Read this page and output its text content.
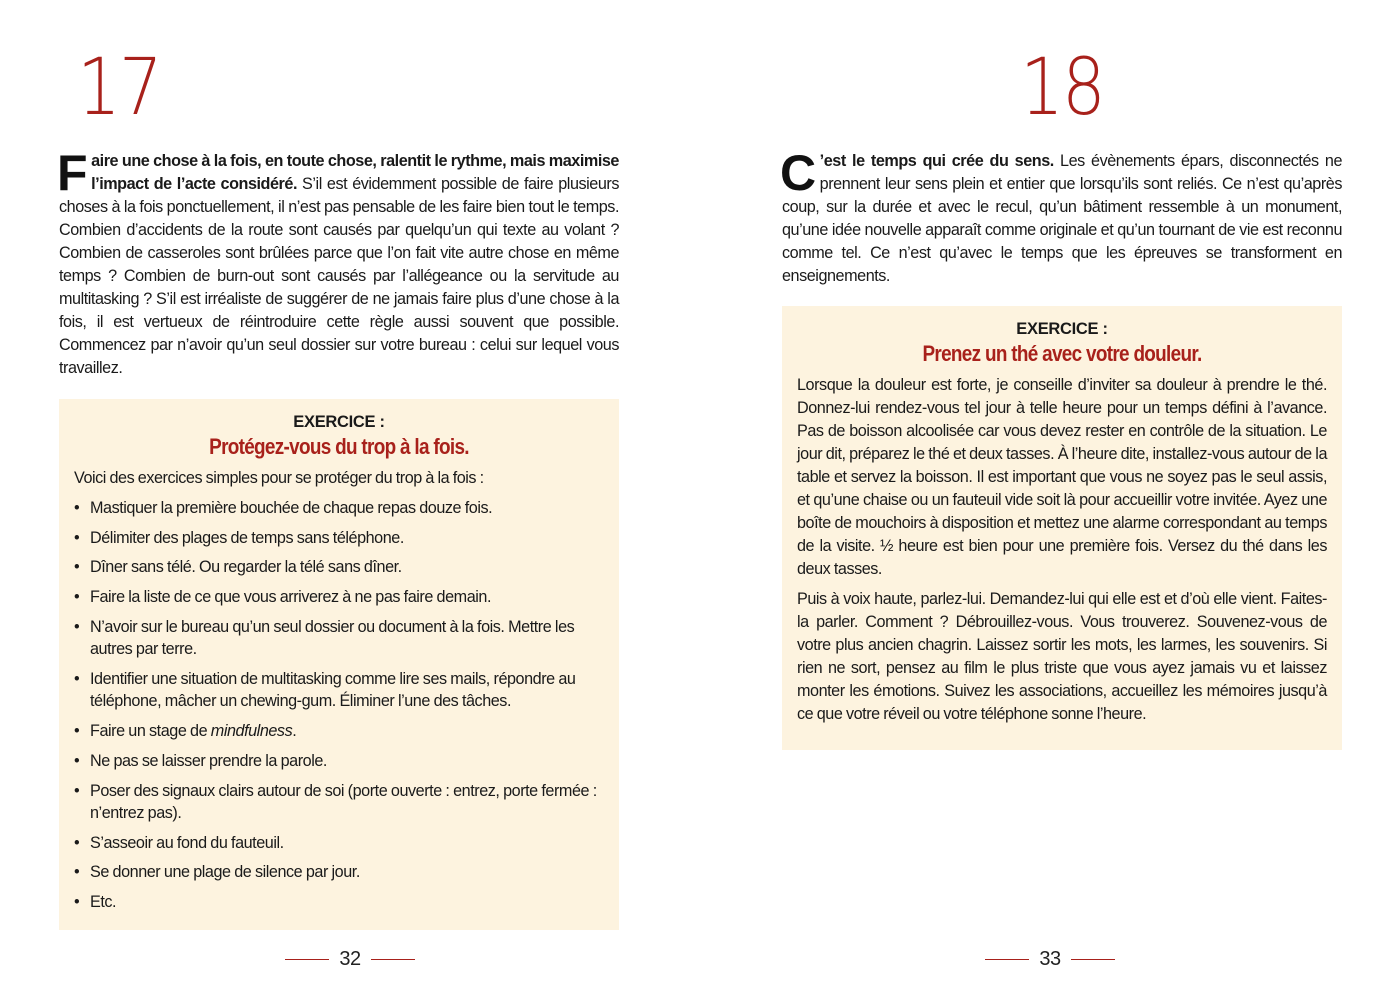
17

Faire une chose à la fois, en toute chose, ralentit le rythme, mais maximise l’impact de l’acte considéré. S’il est évidemment possible de faire plusieurs choses à la fois ponctuellement, il n’est pas pensable de les faire bien tout le temps. Combien d’accidents de la route sont causés par quelqu’un qui texte au volant ? Combien de casseroles sont brûlées parce que l’on fait vite autre chose en même temps ? Combien de burn-out sont causés par l’allégeance ou la servitude au multitasking ? S’il est irréaliste de suggérer de ne jamais faire plus d’une chose à la fois, il est vertueux de réintroduire cette règle aussi souvent que possible. Commencez par n’avoir qu’un seul dossier sur votre bureau : celui sur lequel vous travaillez.

EXERCICE :
Protégez-vous du trop à la fois.

Voici des exercices simples pour se protéger du trop à la fois :

• Mastiquer la première bouchée de chaque repas douze fois.
• Délimiter des plages de temps sans téléphone.
• Dîner sans télé. Ou regarder la télé sans dîner.
• Faire la liste de ce que vous arriverez à ne pas faire demain.
• N’avoir sur le bureau qu’un seul dossier ou document à la fois. Mettre les autres par terre.
• Identifier une situation de multitasking comme lire ses mails, répondre au téléphone, mâcher un chewing-gum. Éliminer l’une des tâches.
• Faire un stage de mindfulness.
• Ne pas se laisser prendre la parole.
• Poser des signaux clairs autour de soi (porte ouverte : entrez, porte fermée : n’entrez pas).
• S’asseoir au fond du fauteuil.
• Se donner une plage de silence par jour.
• Etc.
32
18

C ’est le temps qui crée du sens. Les évènements épars, disconnectés ne prennent leur sens plein et entier que lorsqu’ils sont reliés. Ce n’est qu’après coup, sur la durée et avec le recul, qu’un bâtiment ressemble à un monument, qu’une idée nouvelle apparaît comme originale et qu’un tournant de vie est reconnu comme tel. Ce n’est qu’avec le temps que les épreuves se transforment en enseignements.

EXERCICE :
Prenez un thé avec votre douleur.

Lorsque la douleur est forte, je conseille d’inviter sa douleur à prendre le thé. Donnez-lui rendez-vous tel jour à telle heure pour un temps défini à l’avance. Pas de boisson alcoolisée car vous devez rester en contrôle de la situation. Le jour dit, préparez le thé et deux tasses. À l’heure dite, installez-vous autour de la table et servez la boisson. Il est important que vous ne soyez pas le seul assis, et qu’une chaise ou un fauteuil vide soit là pour accueillir votre invitée. Ayez une boîte de mouchoirs à disposition et mettez une alarme correspondant au temps de la visite. ½ heure est bien pour une première fois. Versez du thé dans les deux tasses.

Puis à voix haute, parlez-lui. Demandez-lui qui elle est et d’où elle vient. Faites-la parler. Comment ? Débrouillez-vous. Vous trouverez. Souvenez-vous de votre plus ancien chagrin. Laissez sortir les mots, les larmes, les souvenirs. Si rien ne sort, pensez au film le plus triste que vous ayez jamais vu et laissez monter les émotions. Suivez les associations, accueillez les mémoires jusqu’à ce que votre réveil ou votre téléphone sonne l’heure.

33
